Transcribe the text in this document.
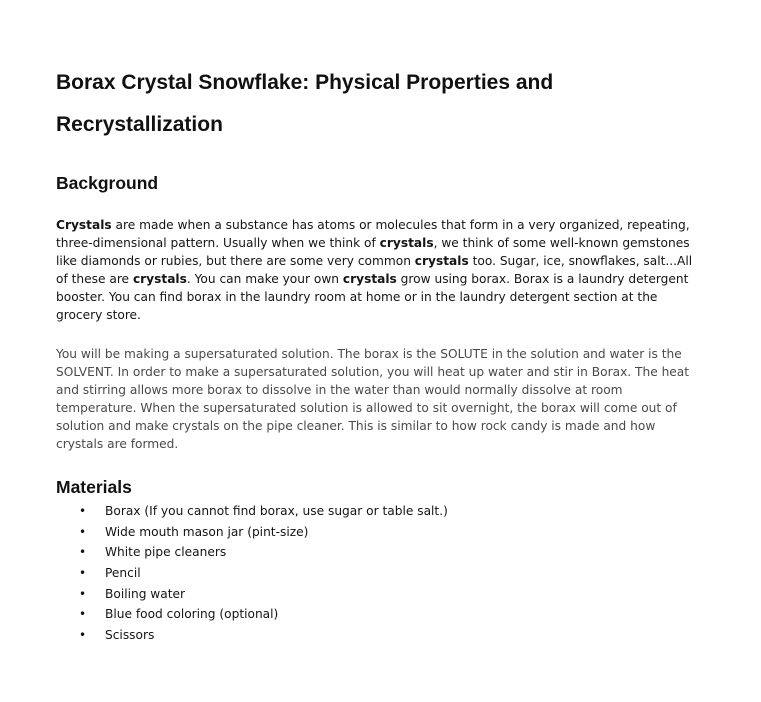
Borax Crystal Snowflake: Physical Properties and
Recrystallization
Background

Crystals are made when a substance has atoms or molecules that form in a very organized, repeating, three-dimensional pattern. Usually when we think of crystals, we think of some well-known gemstones like diamonds or rubies, but there are some very common crystals too. Sugar, ice, snowflakes, salt...All of these are crystals. You can make your own crystals grow using borax. Borax is a laundry detergent booster. You can find borax in the laundry room at home or in the laundry detergent section at the grocery store.

You will be making a supersaturated solution. The borax is the SOLUTE in the solution and water is the SOLVENT. In order to make a supersaturated solution, you will heat up water and stir in Borax. The heat and stirring allows more borax to dissolve in the water than would normally dissolve at room temperature. When the supersaturated solution is allowed to sit overnight, the borax will come out of solution and make crystals on the pipe cleaner. This is similar to how rock candy is made and how crystals are formed.

Materials
• Borax (If you cannot find borax, use sugar or table salt.)
• Wide mouth mason jar (pint-size)
• White pipe cleaners
• Pencil
• Boiling water
• Blue food coloring (optional)
• Scissors
